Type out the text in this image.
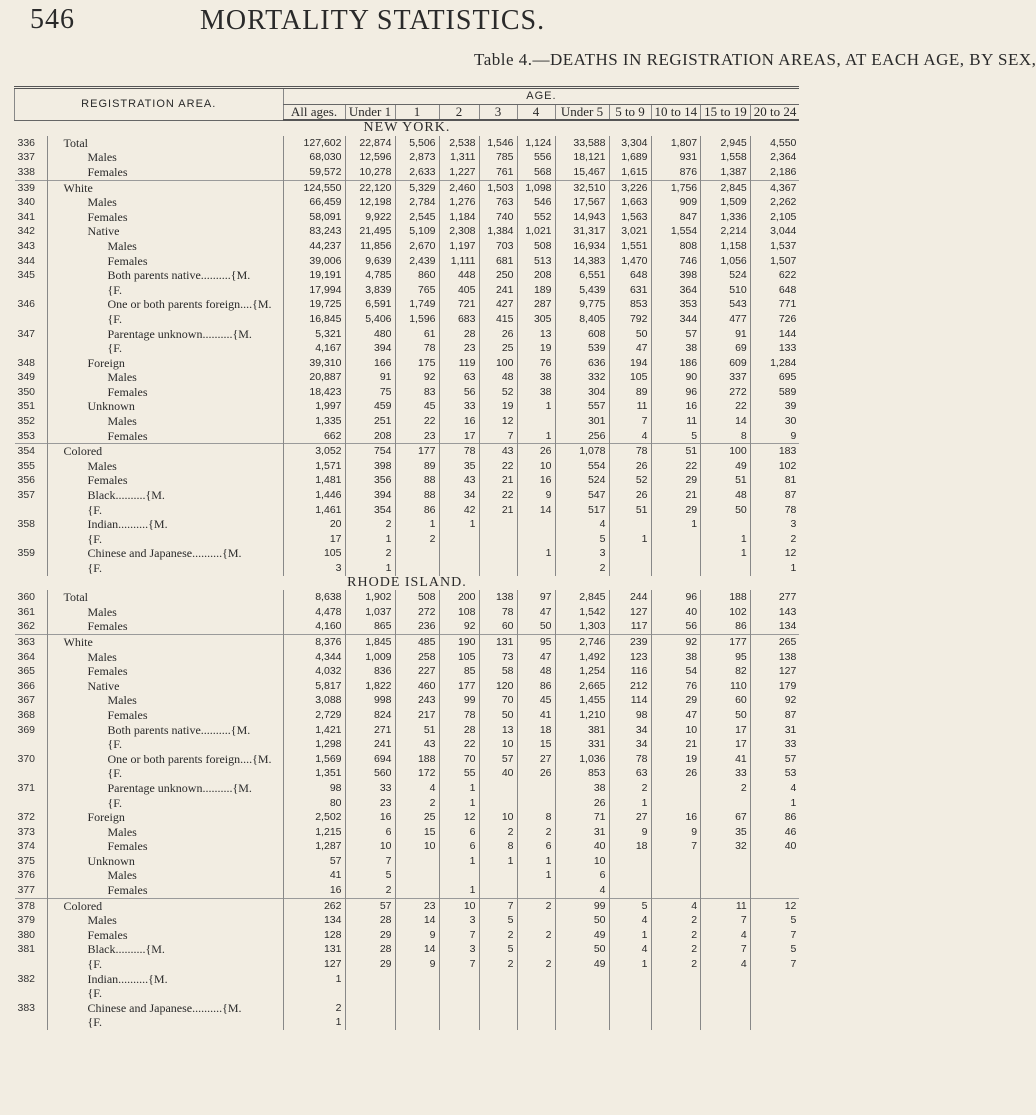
546	MORTALITY STATISTICS.
Table 4.—DEATHS IN REGISTRATION AREAS, AT EACH AGE, BY SEX,
REGISTRATION AREA.		AGE.										
		All ages.	Under 1	1	2	3	4	Under 5	5 to 9	10 to 14	15 to 19	20 to 24
NEW YORK.												
336	Total	127,602	22,874	5,506	2,538	1,546	1,124	33,588	3,304	1,807	2,945	4,550
337	Males	68,030	12,596	2,873	1,311	785	556	18,121	1,689	931	1,558	2,364
338	Females	59,572	10,278	2,633	1,227	761	568	15,467	1,615	876	1,387	2,186
339	White	124,550	22,120	5,329	2,460	1,503	1,098	32,510	3,226	1,756	2,845	4,367
340	Males	66,459	12,198	2,784	1,276	763	546	17,567	1,663	909	1,509	2,262
341	Females	58,091	9,922	2,545	1,184	740	552	14,943	1,563	847	1,336	2,105
342	Native	83,243	21,495	5,109	2,308	1,384	1,021	31,317	3,021	1,554	2,214	3,044
343	Males	44,237	11,856	2,670	1,197	703	508	16,934	1,551	808	1,158	1,537
344	Females	39,006	9,639	2,439	1,111	681	513	14,383	1,470	746	1,056	1,507
345	Both parents native..........{M.	19,191	4,785	860	448	250	208	6,551	648	398	524	622
	{F.	17,994	3,839	765	405	241	189	5,439	631	364	510	648
346	One or both parents foreign....{M.	19,725	6,591	1,749	721	427	287	9,775	853	353	543	771
	{F.	16,845	5,406	1,596	683	415	305	8,405	792	344	477	726
347	Parentage unknown..........{M.	5,321	480	61	28	26	13	608	50	57	91	144
	{F.	4,167	394	78	23	25	19	539	47	38	69	133
348	Foreign	39,310	166	175	119	100	76	636	194	186	609	1,284
349	Males	20,887	91	92	63	48	38	332	105	90	337	695
350	Females	18,423	75	83	56	52	38	304	89	96	272	589
351	Unknown	1,997	459	45	33	19	1	557	11	16	22	39
352	Males	1,335	251	22	16	12		301	7	11	14	30
353	Females	662	208	23	17	7	1	256	4	5	8	9
354	Colored	3,052	754	177	78	43	26	1,078	78	51	100	183
355	Males	1,571	398	89	35	22	10	554	26	22	49	102
356	Females	1,481	356	88	43	21	16	524	52	29	51	81
357	Black..........{M.	1,446	394	88	34	22	9	547	26	21	48	87
	{F.	1,461	354	86	42	21	14	517	51	29	50	78
358	Indian..........{M.	20	2	1	1			4		1		3
	{F.	17	1	2				5	1		1	2
359	Chinese and Japanese..........{M.	105	2				1	3			1	12
	{F.	3	1					2				1
RHODE ISLAND.												
360	Total	8,638	1,902	508	200	138	97	2,845	244	96	188	277
361	Males	4,478	1,037	272	108	78	47	1,542	127	40	102	143
362	Females	4,160	865	236	92	60	50	1,303	117	56	86	134
363	White	8,376	1,845	485	190	131	95	2,746	239	92	177	265
364	Males	4,344	1,009	258	105	73	47	1,492	123	38	95	138
365	Females	4,032	836	227	85	58	48	1,254	116	54	82	127
366	Native	5,817	1,822	460	177	120	86	2,665	212	76	110	179
367	Males	3,088	998	243	99	70	45	1,455	114	29	60	92
368	Females	2,729	824	217	78	50	41	1,210	98	47	50	87
369	Both parents native..........{M.	1,421	271	51	28	13	18	381	34	10	17	31
	{F.	1,298	241	43	22	10	15	331	34	21	17	33
370	One or both parents foreign....{M.	1,569	694	188	70	57	27	1,036	78	19	41	57
	{F.	1,351	560	172	55	40	26	853	63	26	33	53
371	Parentage unknown..........{M.	98	33	4	1			38	2		2	4
	{F.	80	23	2	1			26	1			1
372	Foreign	2,502	16	25	12	10	8	71	27	16	67	86
373	Males	1,215	6	15	6	2	2	31	9	9	35	46
374	Females	1,287	10	10	6	8	6	40	18	7	32	40
375	Unknown	57	7		1	1	1	10				
376	Males	41	5				1	6				
377	Females	16	2		1			4				
378	Colored	262	57	23	10	7	2	99	5	4	11	12
379	Males	134	28	14	3	5		50	4	2	7	5
380	Females	128	29	9	7	2	2	49	1	2	4	7
381	Black..........{M.	131	28	14	3	5		50	4	2	7	5
	{F.	127	29	9	7	2	2	49	1	2	4	7
382	Indian..........{M.	1										
	{F.											
383	Chinese and Japanese..........{M.	2										
	{F.	1										
